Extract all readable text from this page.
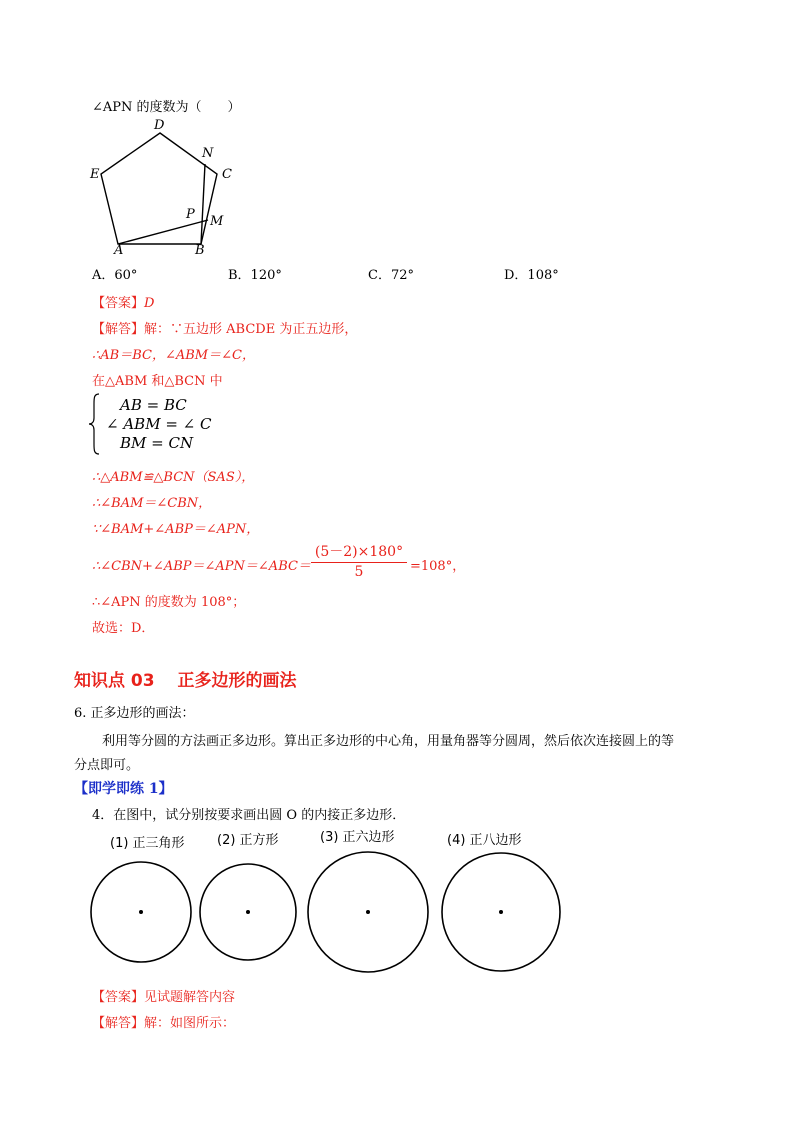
∠APN 的度数为（　　）
D
N
E	C
P M
A	B
A．60°	B．120°	C．72°	D．108°
【答案】D
【解答】解：∵五边形 ABCDE 为正五边形，
∴AB＝BC，∠ABM＝∠C，
在△ABM 和△BCN 中
AB = BC
∠ ABM = ∠ C
BM = CN
∴△ABM≌△BCN（SAS），
∴∠BAM＝∠CBN，
∵∠BAM+∠ABP＝∠APN，
∴∠CBN+∠ABP＝∠APN＝∠ABC＝
(5－2)×180°
5	=108°，
∴∠APN 的度数为 108°；
故选：D．
知识点 03　 正多边形的画法
6. 正多边形的画法：
利用等分圆的方法画正多边形。算出正多边形的中心角，用量角器等分圆周，然后依次连接圆上的等
分点即可。
【即学即练 1】
4．在图中，试分别按要求画出圆 O 的内接正多边形．
(1) 正三角形 (2) 正方形	(3) 正六边形	(4) 正八边形
【答案】见试题解答内容
【解答】解：如图所示：
